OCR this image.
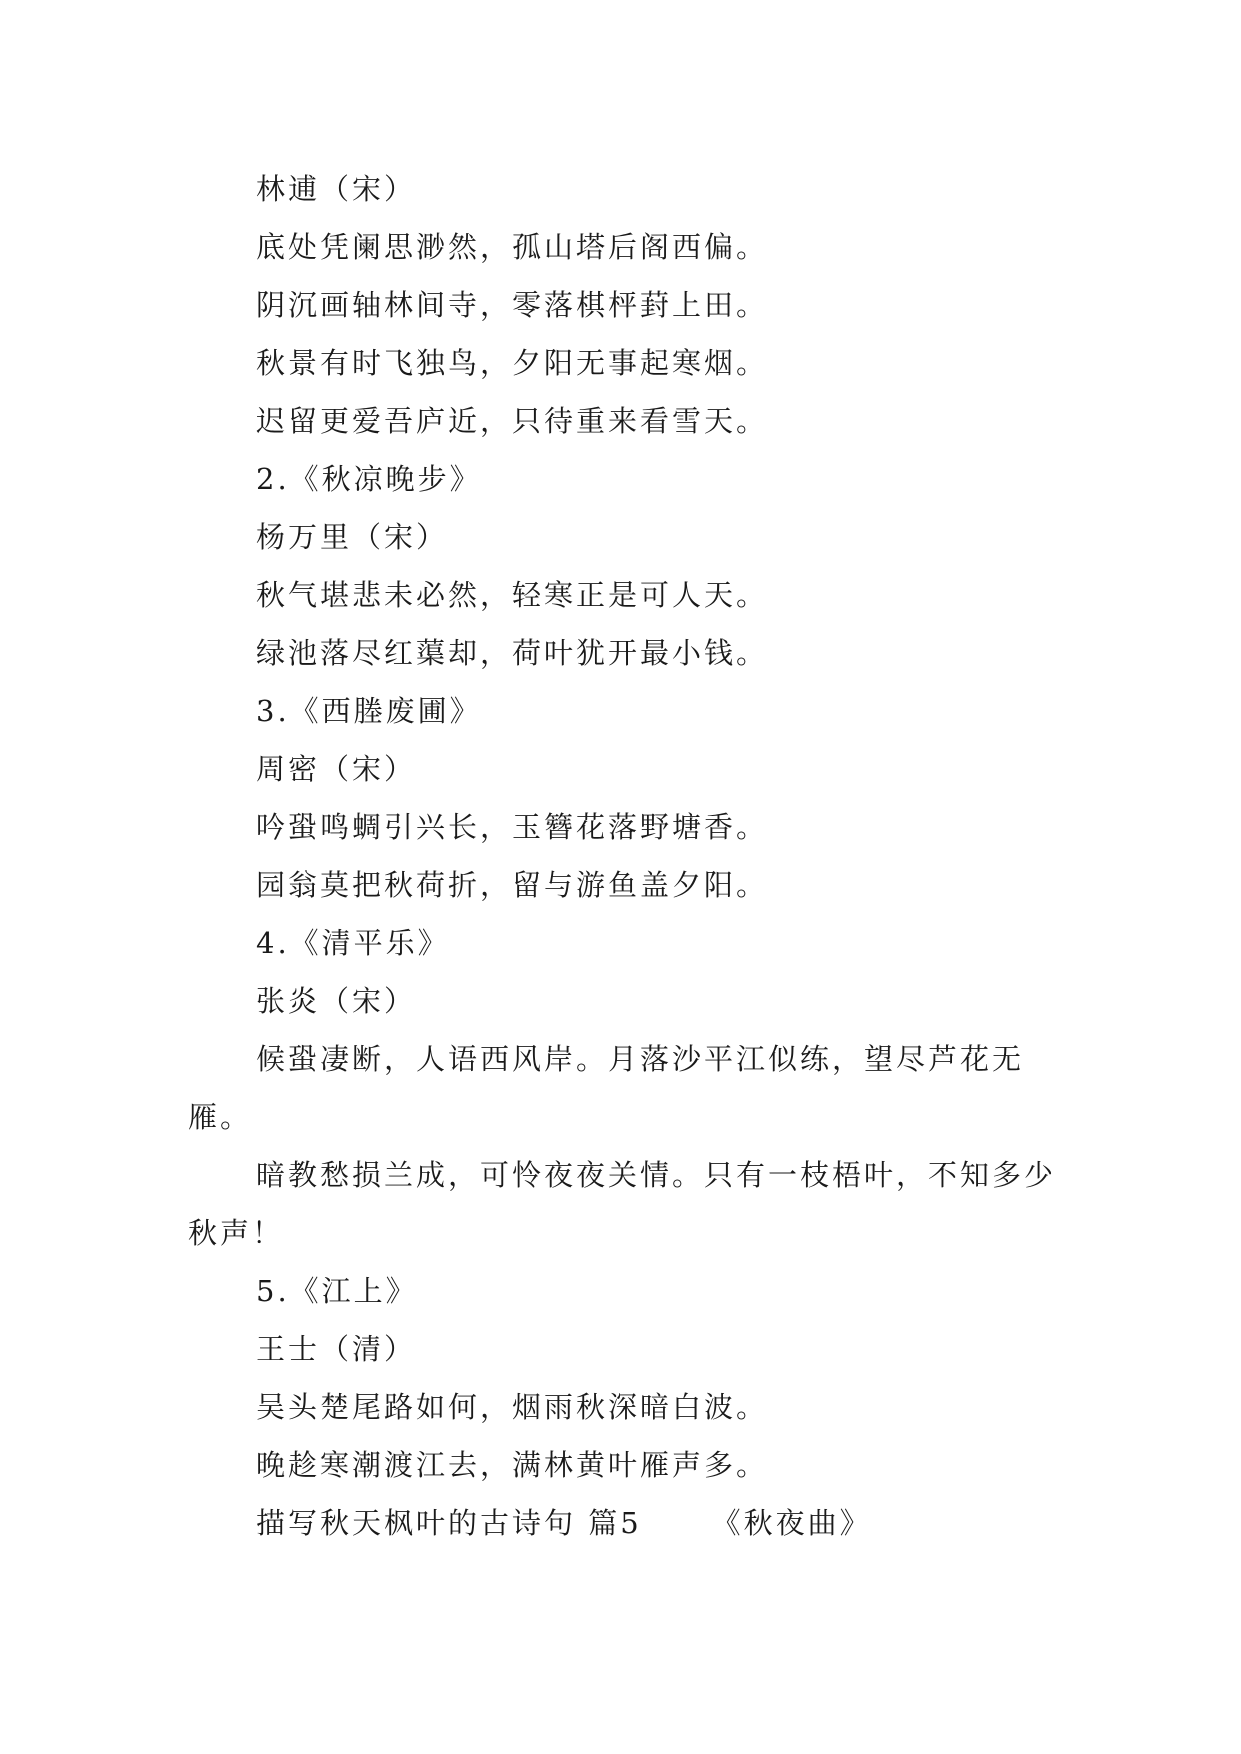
林逋（宋）
底处凭阑思渺然，孤山塔后阁西偏。
阴沉画轴林间寺，零落棋枰葑上田。
秋景有时飞独鸟，夕阳无事起寒烟。
迟留更爱吾庐近，只待重来看雪天。
2.《秋凉晚步》
杨万里（宋）
秋气堪悲未必然，轻寒正是可人天。
绿池落尽红蕖却，荷叶犹开最小钱。
3.《西塍废圃》
周密（宋）
吟蛩鸣蜩引兴长，玉簪花落野塘香。
园翁莫把秋荷折，留与游鱼盖夕阳。
4.《清平乐》
张炎（宋）
候蛩凄断，人语西风岸。月落沙平江似练，望尽芦花无雁。
暗教愁损兰成，可怜夜夜关情。只有一枝梧叶，不知多少秋声！
5.《江上》
王士（清）
吴头楚尾路如何，烟雨秋深暗白波。
晚趁寒潮渡江去，满林黄叶雁声多。
描写秋天枫叶的古诗句 篇5 《秋夜曲》
